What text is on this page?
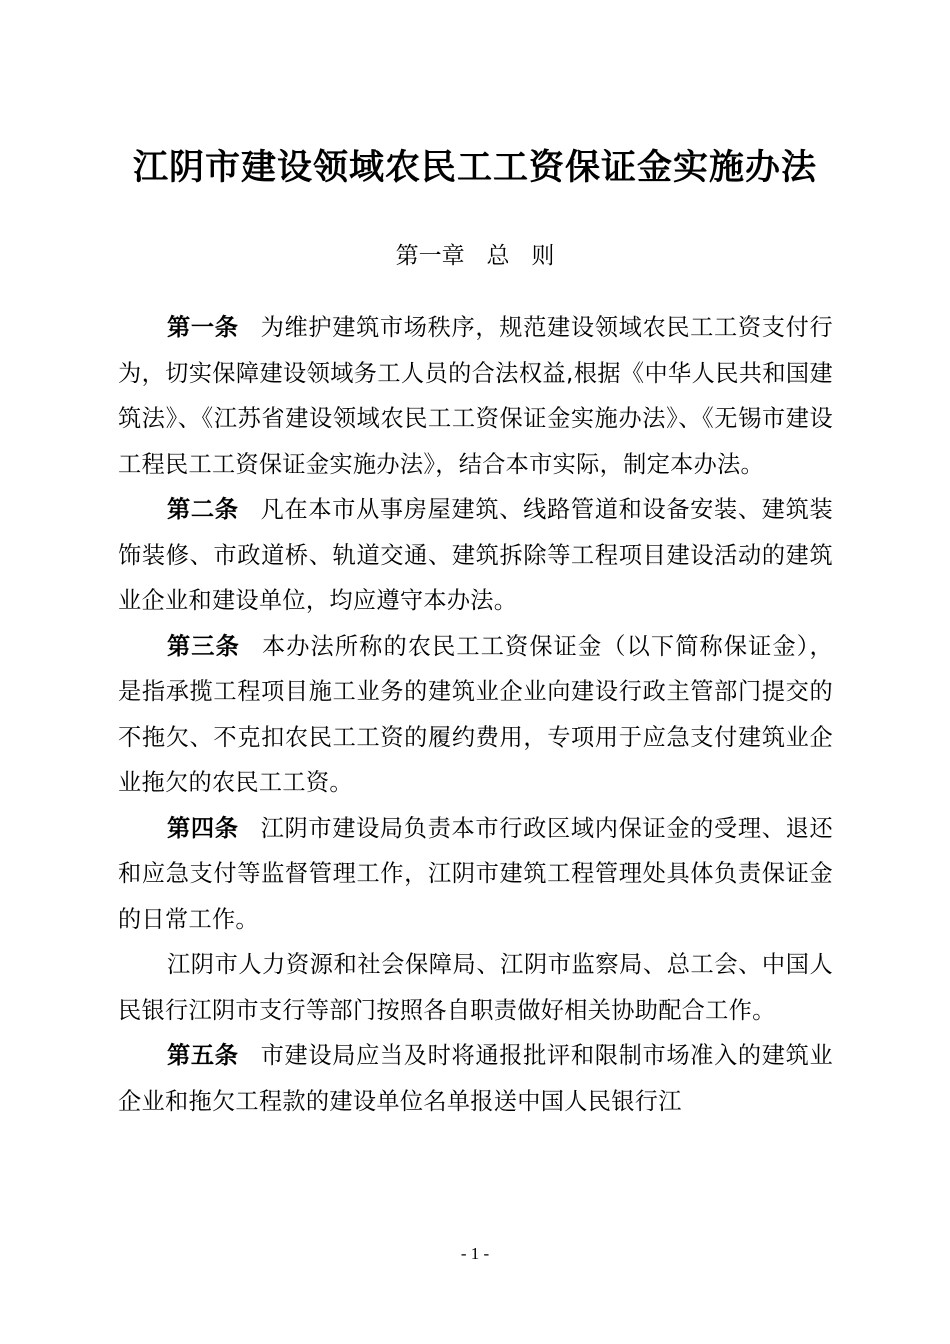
江阴市建设领域农民工工资保证金实施办法
第一章   总   则

第一条 为维护建筑市场秩序，规范建设领域农民工工资支付行为，切实保障建设领域务工人员的合法权益,根据《中华人民共和国建筑法》、《江苏省建设领域农民工工资保证金实施办法》、《无锡市建设工程民工工资保证金实施办法》，结合本市实际，制定本办法。

第二条 凡在本市从事房屋建筑、线路管道和设备安装、建筑装饰装修、市政道桥、轨道交通、建筑拆除等工程项目建设活动的建筑业企业和建设单位，均应遵守本办法。

第三条 本办法所称的农民工工资保证金（以下简称保证金），是指承揽工程项目施工业务的建筑业企业向建设行政主管部门提交的不拖欠、不克扣农民工工资的履约费用，专项用于应急支付建筑业企业拖欠的农民工工资。

第四条 江阴市建设局负责本市行政区域内保证金的受理、退还和应急支付等监督管理工作，江阴市建筑工程管理处具体负责保证金的日常工作。

江阴市人力资源和社会保障局、江阴市监察局、总工会、中国人民银行江阴市支行等部门按照各自职责做好相关协助配合工作。

第五条 市建设局应当及时将通报批评和限制市场准入的建筑业企业和拖欠工程款的建设单位名单报送中国人民银行江

- 1 -
